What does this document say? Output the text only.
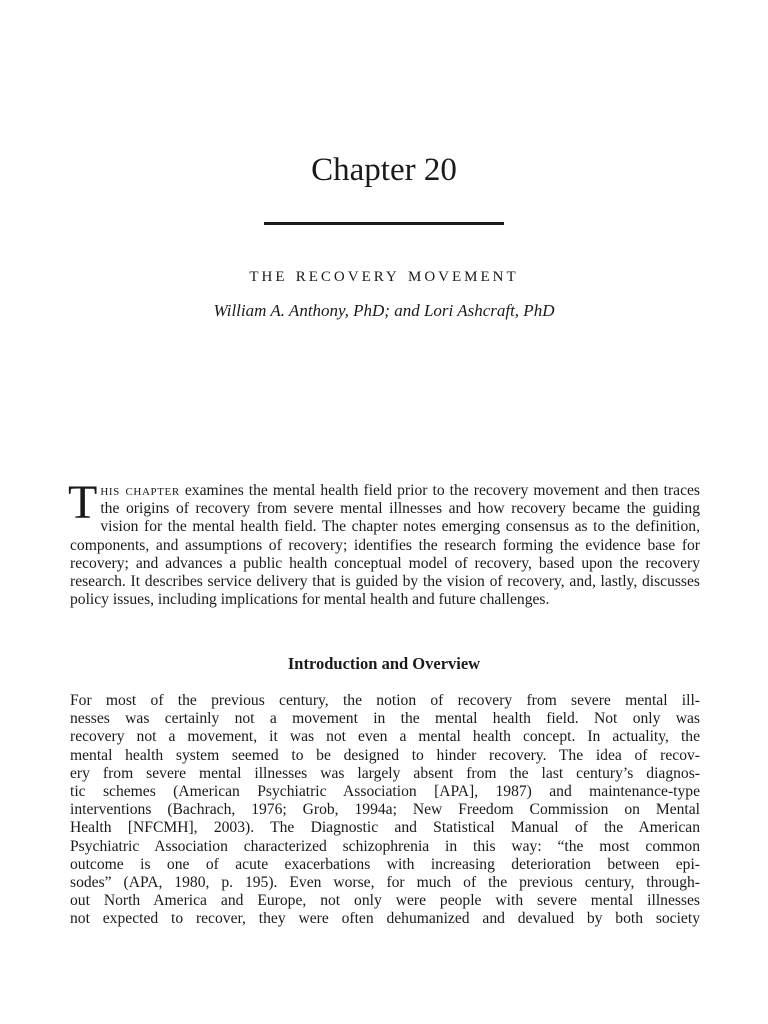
Chapter 20
the recovery movement
William A. Anthony, PhD; and Lori Ashcraft, PhD
This chapter examines the mental health field prior to the recovery movement and then traces the origins of recovery from severe mental illnesses and how recovery became the guiding vision for the mental health field. The chapter notes emerging consensus as to the definition, components, and assumptions of recovery; identifies the research forming the evidence base for recovery; and advances a public health conceptual model of recovery, based upon the recovery research. It describes service delivery that is guided by the vision of recovery, and, lastly, discusses policy issues, including implications for mental health and future challenges.
Introduction and Overview
For most of the previous century, the notion of recovery from severe mental ill-
nesses was certainly not a movement in the mental health field. Not only was
recovery not a movement, it was not even a mental health concept. In actuality, the
mental health system seemed to be designed to hinder recovery. The idea of recov-
ery from severe mental illnesses was largely absent from the last century’s diagnos-
tic schemes (American Psychiatric Association [APA], 1987) and maintenance-type
interventions (Bachrach, 1976; Grob, 1994a; New Freedom Commission on Mental
Health [NFCMH], 2003). The Diagnostic and Statistical Manual of the American
Psychiatric Association characterized schizophrenia in this way: “the most common
outcome is one of acute exacerbations with increasing deterioration between epi-
sodes” (APA, 1980, p. 195). Even worse, for much of the previous century, through-
out North America and Europe, not only were people with severe mental illnesses
not expected to recover, they were often dehumanized and devalued by both society
